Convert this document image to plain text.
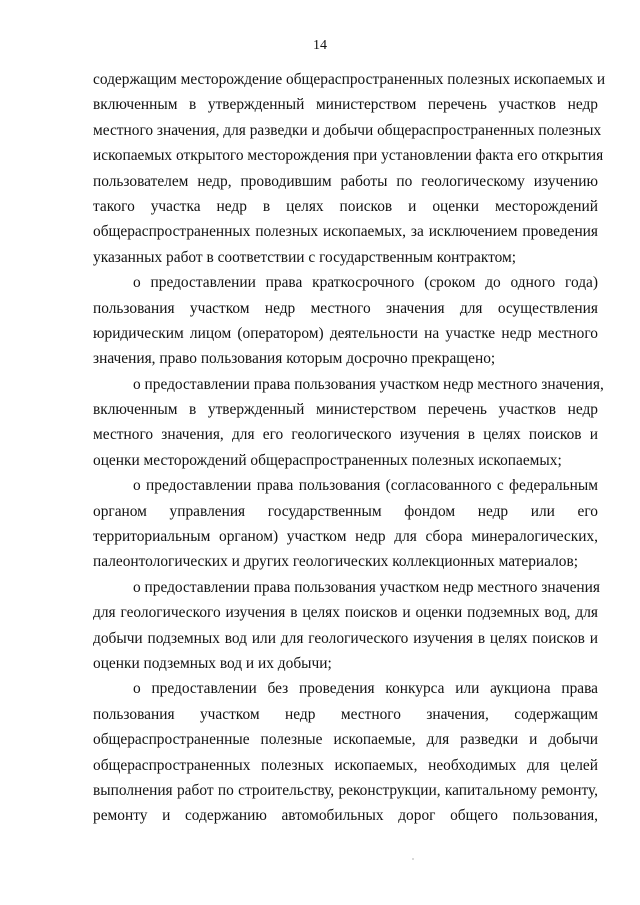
14
содержащим месторождение общераспространенных полезных ископаемых и
включенным в утвержденный министерством перечень участков недр
местного значения, для разведки и добычи общераспространенных полезных
ископаемых открытого месторождения при установлении факта его открытия
пользователем недр, проводившим работы по геологическому изучению
такого участка недр в целях поисков и оценки месторождений
общераспространенных полезных ископаемых, за исключением проведения
указанных работ в соответствии с государственным контрактом;
о предоставлении права краткосрочного (сроком до одного года)
пользования участком недр местного значения для осуществления
юридическим лицом (оператором) деятельности на участке недр местного
значения, право пользования которым досрочно прекращено;
о предоставлении права пользования участком недр местного значения,
включенным в утвержденный министерством перечень участков недр
местного значения, для его геологического изучения в целях поисков и
оценки месторождений общераспространенных полезных ископаемых;
о предоставлении права пользования (согласованного с федеральным
органом управления государственным фондом недр или его
территориальным органом) участком недр для сбора минералогических,
палеонтологических и других геологических коллекционных материалов;
о предоставлении права пользования участком недр местного значения
для геологического изучения в целях поисков и оценки подземных вод, для
добычи подземных вод или для геологического изучения в целях поисков и
оценки подземных вод и их добычи;
о предоставлении без проведения конкурса или аукциона права
пользования участком недр местного значения, содержащим
общераспространенные полезные ископаемые, для разведки и добычи
общераспространенных полезных ископаемых, необходимых для целей
выполнения работ по строительству, реконструкции, капитальному ремонту,
ремонту и содержанию автомобильных дорог общего пользования,
